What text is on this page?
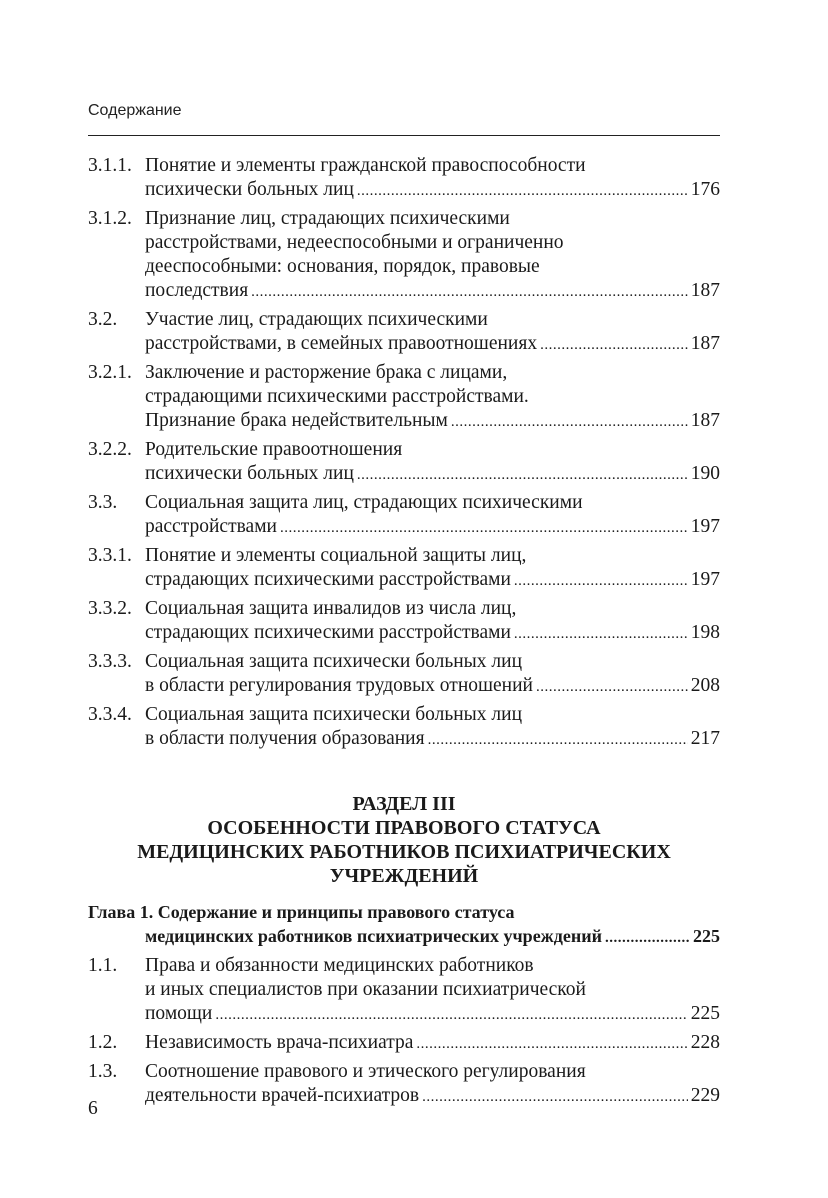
Содержание
3.1.1. Понятие и элементы гражданской правоспособности
психически больных лиц .....	176
3.1.2. Признание лиц, страдающих психическими
расстройствами, недееспособными и ограниченно
дееспособными: основания, порядок, правовые
последствия .....	187
3.2.	Участие лиц, страдающих психическими
расстройствами, в семейных правоотношениях .....	187
3.2.1. Заключение и расторжение брака с лицами,
страдающими психическими расстройствами.
Признание брака недействительным .....	187
3.2.2. Родительские правоотношения
психически больных лиц .....	190
3.3.	Социальная защита лиц, страдающих психическими
расстройствами .....	197
3.3.1. Понятие и элементы социальной защиты лиц,
страдающих психическими расстройствами .....	197
3.3.2. Социальная защита инвалидов из числа лиц,
страдающих психическими расстройствами .....	198
3.3.3. Социальная защита психически больных лиц
в области регулирования трудовых отношений .....	208
3.3.4. Социальная защита психически больных лиц
в области получения образования .....	217
РАЗДЕЛ III
ОСОБЕННОСТИ ПРАВОВОГО СТАТУСА
МЕДИЦИНСКИХ РАБОТНИКОВ ПСИХИАТРИЧЕСКИХ
УЧРЕЖДЕНИЙ
Глава 1. Содержание и принципы правового статуса
медицинских работников психиатрических учреждений .....	225
1.1.	Права и обязанности медицинских работников
и иных специалистов при оказании психиатрической
помощи .....	225
1.2.	Независимость врача-психиатра .....	228
1.3.	Соотношение правового и этического регулирования
деятельности врачей-психиатров .....	229
6
